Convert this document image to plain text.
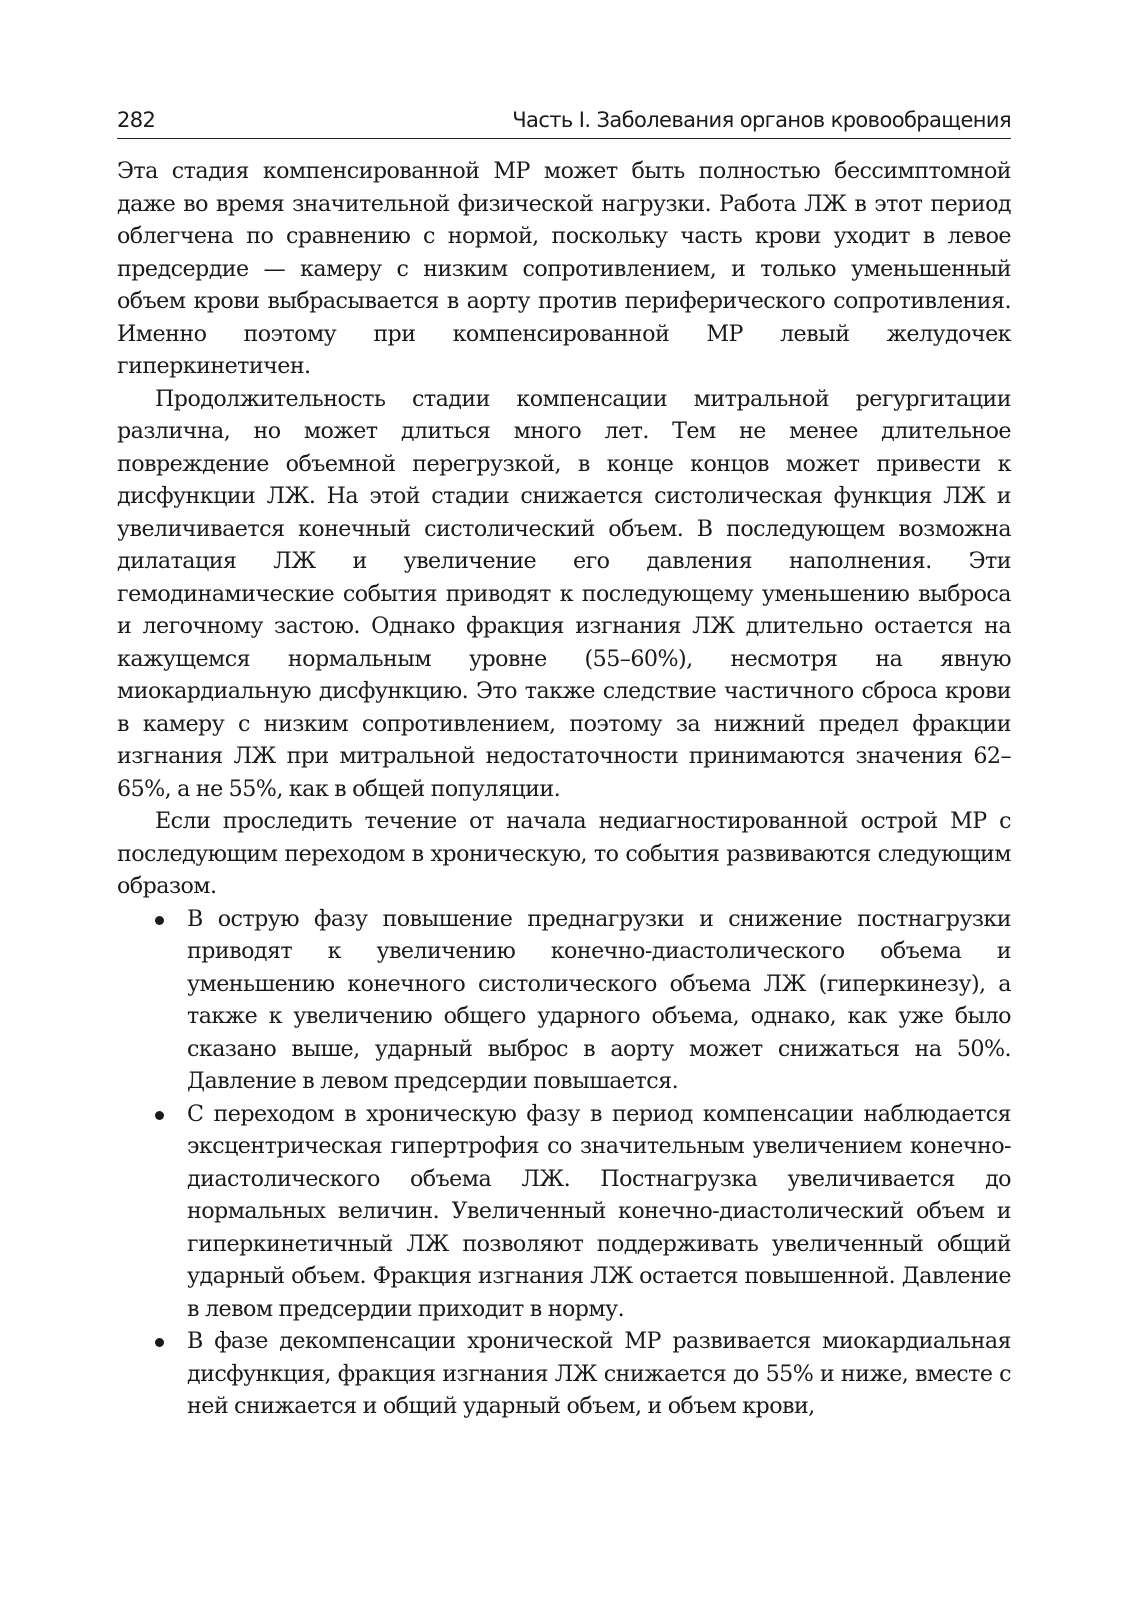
282	Часть I. Заболевания органов кровообращения

Эта стадия компенсированной МР может быть полностью бессимптомной даже во время значительной физической нагрузки. Работа ЛЖ в этот период облегчена по сравнению с нормой, поскольку часть крови уходит в левое предсердие — камеру с низким сопротивлением, и только уменьшенный объем крови выбрасывается в аорту против периферического сопротивления. Именно поэтому при компенсированной МР левый желудочек гиперкинетичен.

Продолжительность стадии компенсации митральной регургитации различна, но может длиться много лет. Тем не менее длительное повреждение объемной перегрузкой, в конце концов может привести к дисфункции ЛЖ. На этой стадии снижается систолическая функция ЛЖ и увеличивается конечный систолический объем. В последующем возможна дилатация ЛЖ и увеличение его давления наполнения. Эти гемодинамические события приводят к последующему уменьшению выброса и легочному застою. Однако фракция изгнания ЛЖ длительно остается на кажущемся нормальным уровне (55–60%), несмотря на явную миокардиальную дисфункцию. Это также следствие частичного сброса крови в камеру с низким сопротивлением, поэтому за нижний предел фракции изгнания ЛЖ при митральной недостаточности принимаются значения 62–65%, а не 55%, как в общей популяции.

Если проследить течение от начала недиагностированной острой МР с последующим переходом в хроническую, то события развиваются следующим образом.

В острую фазу повышение преднагрузки и снижение постнагрузки приводят к увеличению конечно-диастолического объема и уменьшению конечного систолического объема ЛЖ (гиперкинезу), а также к увеличению общего ударного объема, однако, как уже было сказано выше, ударный выброс в аорту может снижаться на 50%. Давление в левом предсердии повышается.
С переходом в хроническую фазу в период компенсации наблюдается эксцентрическая гипертрофия со значительным увеличением конечно-диастолического объема ЛЖ. Постнагрузка увеличивается до нормальных величин. Увеличенный конечно-диастолический объем и гиперкинетичный ЛЖ позволяют поддерживать увеличенный общий ударный объем. Фракция изгнания ЛЖ остается повышенной. Давление в левом предсердии приходит в норму.
В фазе декомпенсации хронической МР развивается миокардиальная дисфункция, фракция изгнания ЛЖ снижается до 55% и ниже, вместе с ней снижается и общий ударный объем, и объем крови,
